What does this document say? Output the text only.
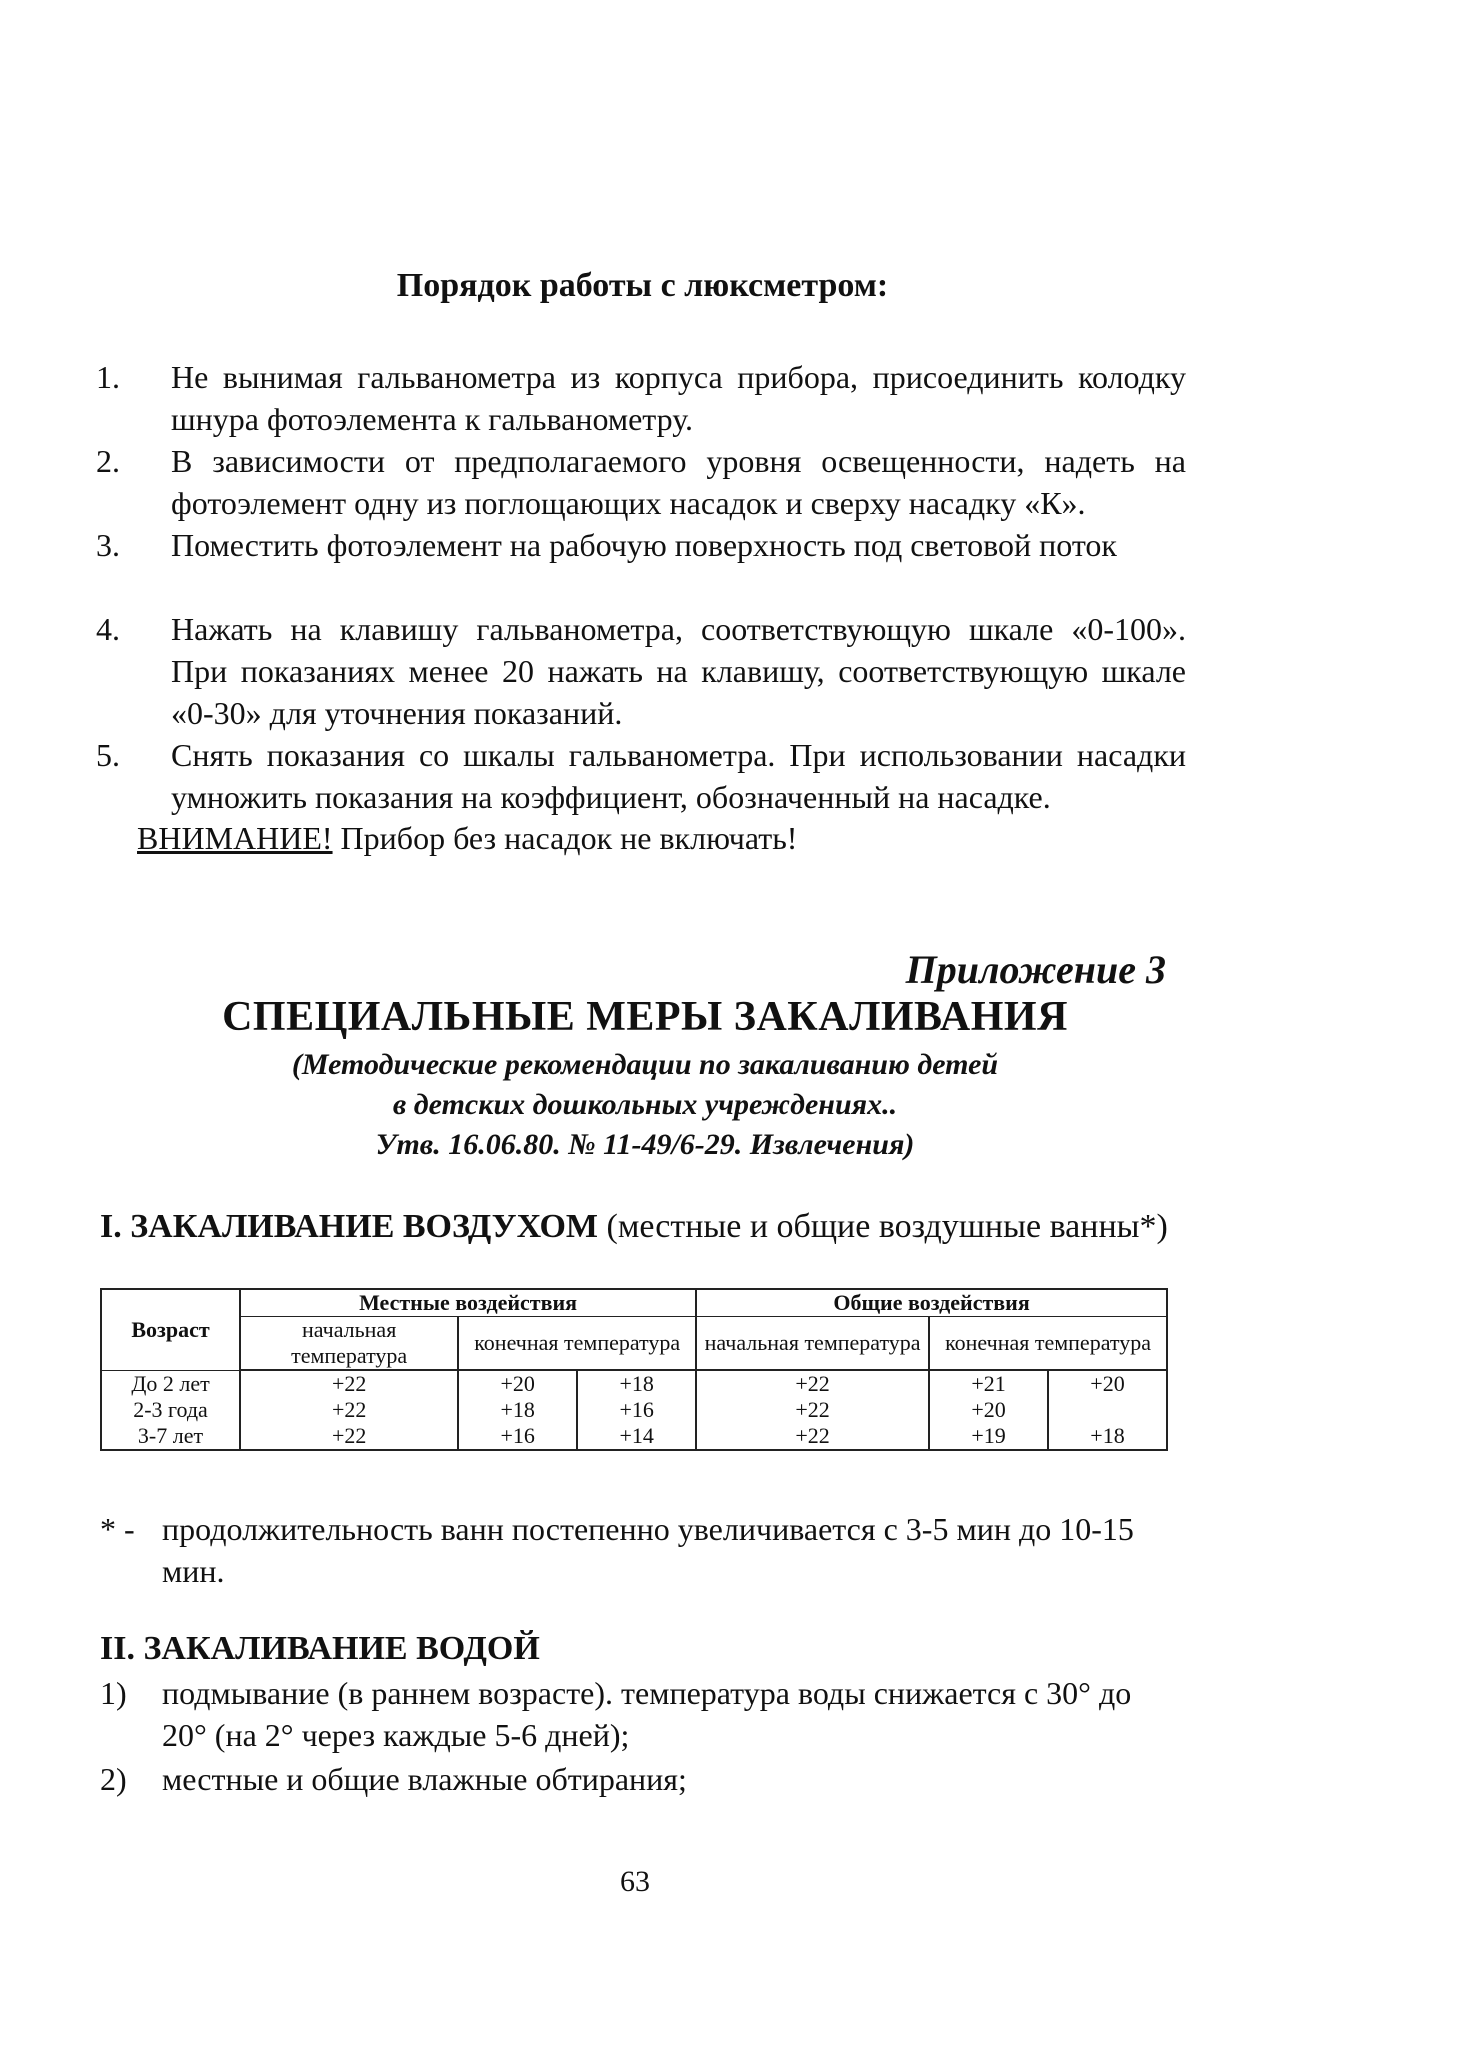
Порядок работы с люксметром:
1.	Не вынимая гальванометра из корпуса прибора, присоединить колодку шнура фотоэлемента к гальванометру.
2.	В зависимости от предполагаемого уровня освещенности, надеть на фотоэлемент одну из поглощающих насадок и сверху насадку «К».
3.	Поместить фотоэлемент на рабочую поверхность под световой поток
4.	Нажать на клавишу гальванометра, соответствующую шкале «0-100». При показаниях менее 20 нажать на клавишу, соответствующую шкале «0-30» для уточнения показаний.
5.	Снять показания со шкалы гальванометра. При использовании насадки умножить показания на коэффициент, обозначенный на насадке.
ВНИМАНИЕ! Прибор без насадок не включать!
Приложение 3
СПЕЦИАЛЬНЫЕ МЕРЫ ЗАКАЛИВАНИЯ
(Методические рекомендации по закаливанию детей
в детских дошкольных учреждениях..
Утв. 16.06.80. № 11-49/6-29. Извлечения)
I. ЗАКАЛИВАНИЕ ВОЗДУХОМ (местные и общие воздушные ванны*)
Возраст	Местные воздействия			Общие воздействия		
	начальная температура	конечная температура		начальная температура	конечная температура	
До 2 лет	+22	+20	+18	+22	+21	+20
2-3 года	+22	+18	+16	+22	+20	
3-7 лет	+22	+16	+14	+22	+19	+18
* - продолжительность ванн постепенно увеличивается с 3-5 мин до 10-15 мин.
II. ЗАКАЛИВАНИЕ ВОДОЙ
1) подмывание (в раннем возрасте). температура воды снижается с 30° до 20° (на 2° через каждые 5-6 дней);
2) местные и общие влажные обтирания;
63
